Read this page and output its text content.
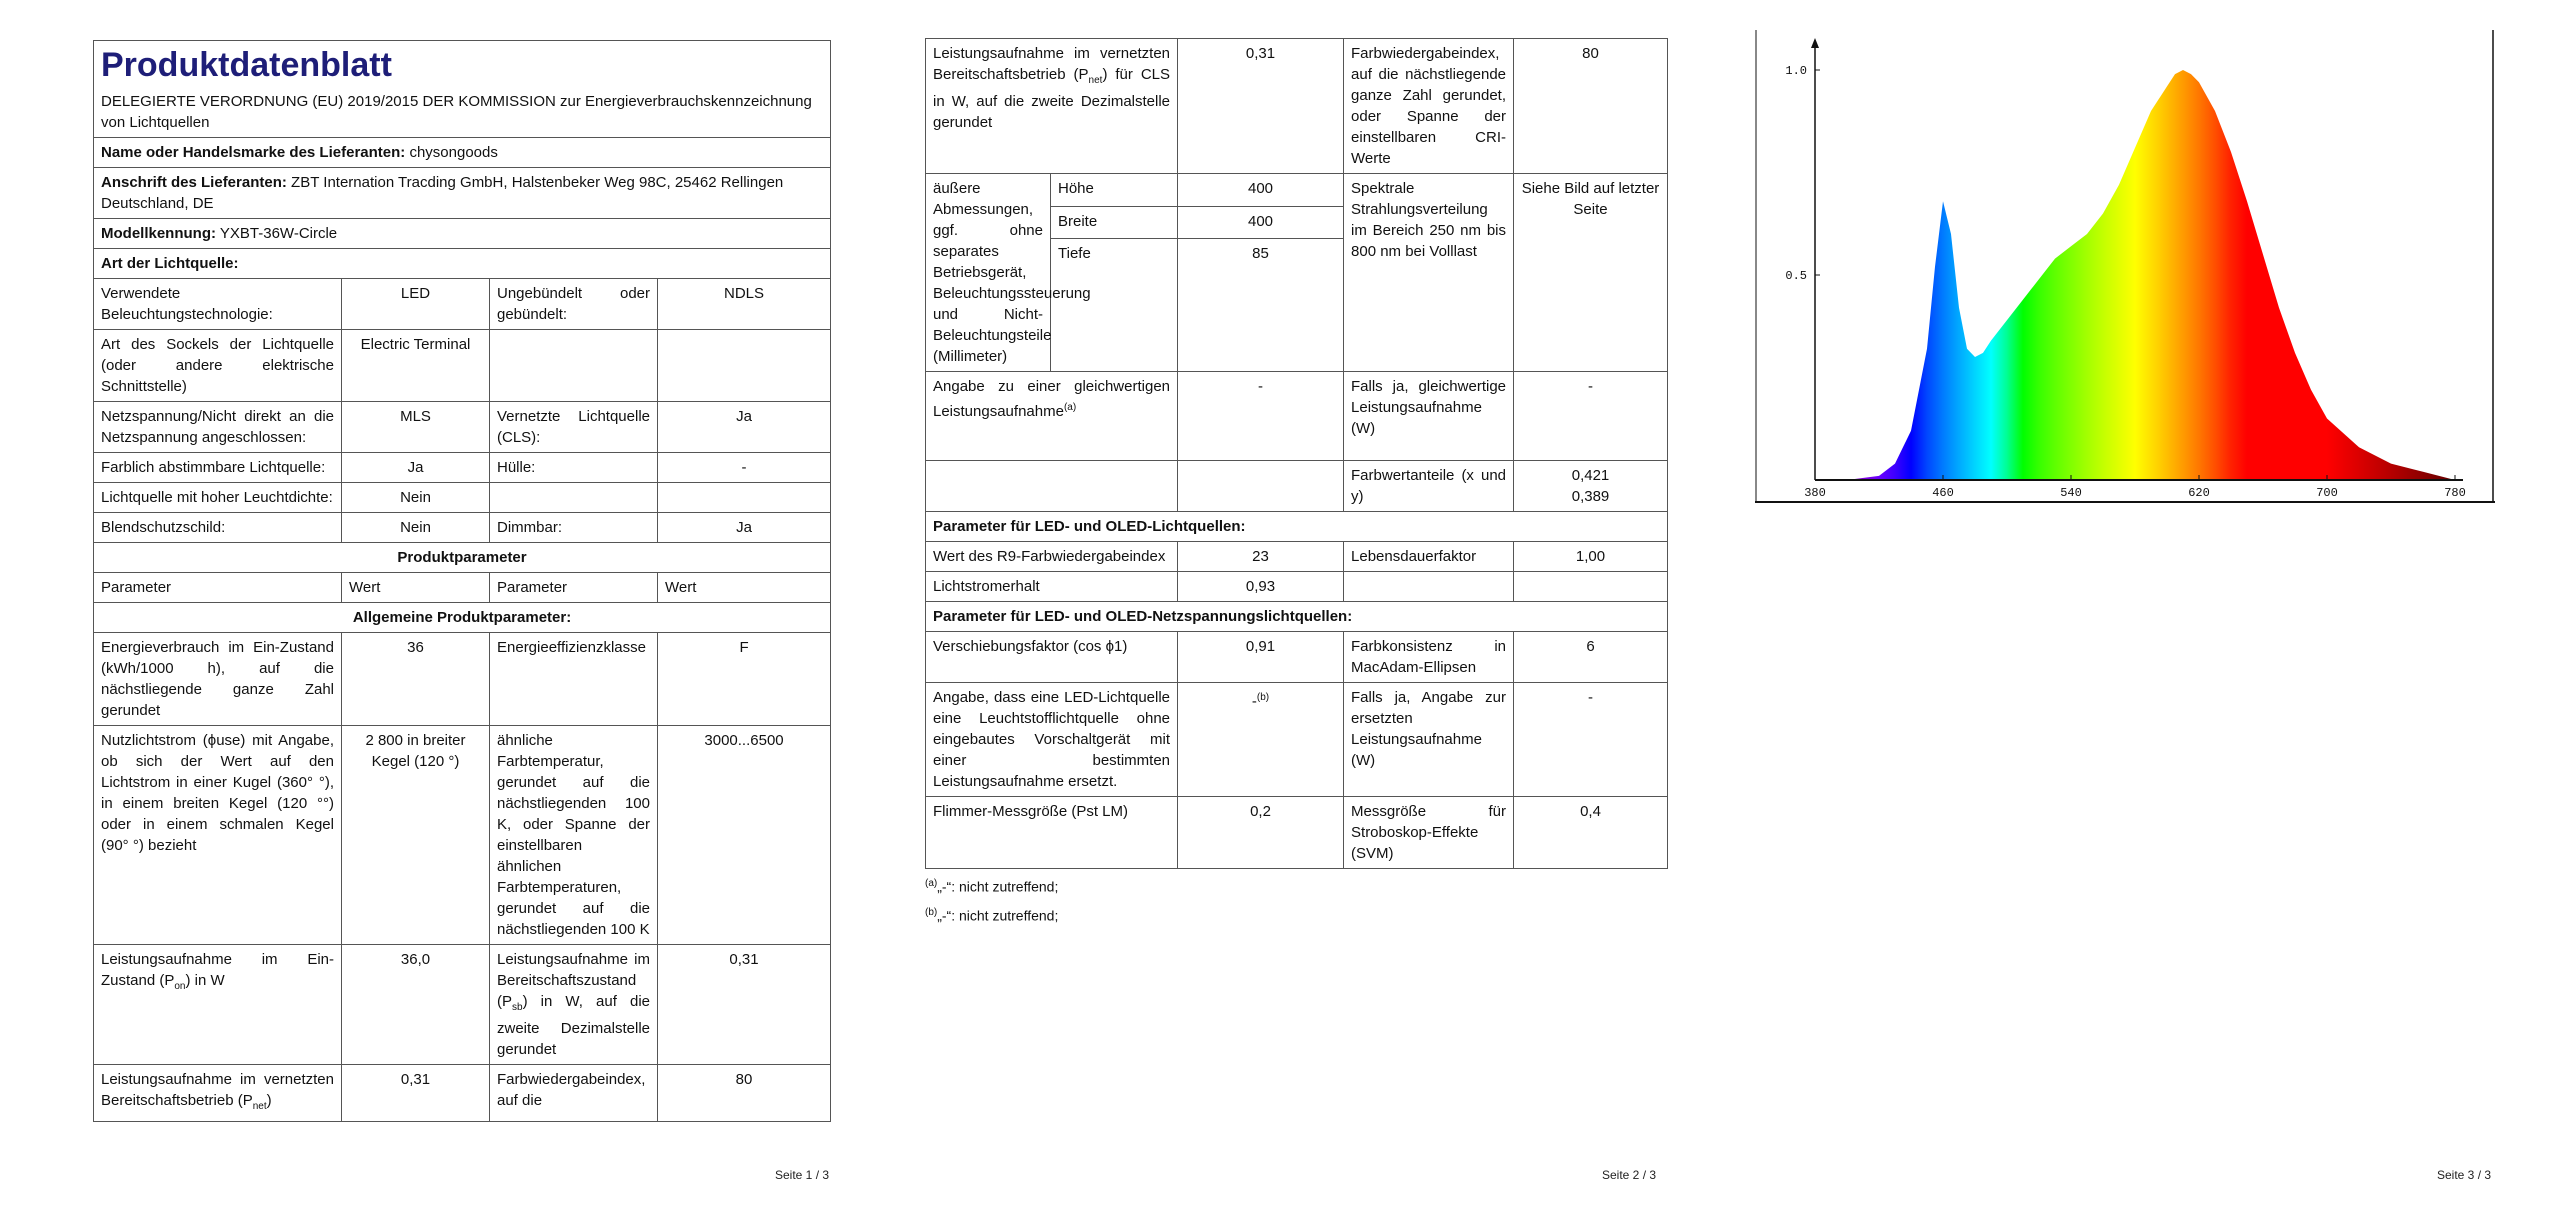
Produktdatenblatt
DELEGIERTE VERORDNUNG (EU) 2019/2015 DER KOMMISSION zur Energieverbrauchskennzeichnung von Lichtquellen			
Name oder Handelsmarke des Lieferanten: chysongoods			
Anschrift des Lieferanten: ZBT Internation Tracding GmbH, Halstenbeker Weg 98C, 25462 Rellingen Deutschland, DE			
Modellkennung: YXBT-36W-Circle			
Art der Lichtquelle:			
Verwendete Beleuchtungstechnologie:	LED	Ungebündelt oder gebündelt:	NDLS
Art des Sockels der Lichtquelle (oder andere elektrische Schnittstelle)	Electric Terminal		
Netzspannung/Nicht direkt an die Netzspannung angeschlossen:	MLS	Vernetzte Lichtquelle (CLS):	Ja
Farblich abstimmbare Lichtquelle:	Ja	Hülle:	-
Lichtquelle mit hoher Leuchtdichte:	Nein		
Blendschutzschild:	Nein	Dimmbar:	Ja
Produktparameter			
Parameter	Wert	Parameter	Wert
Allgemeine Produktparameter:			
Energieverbrauch im Ein-Zustand (kWh/1000 h), auf die nächstliegende ganze Zahl gerundet	36	Energieeffizienzklasse	F
Nutzlichtstrom (ϕuse) mit Angabe, ob sich der Wert auf den Lichtstrom in einer Kugel (360° °), in einem breiten Kegel (120 °°) oder in einem schmalen Kegel (90° °) bezieht	2 800 in breiter Kegel (120 °)	ähnliche Farbtemperatur, gerundet auf die nächstliegenden 100 K, oder Spanne der einstellbaren ähnlichen Farbtemperaturen, gerundet auf die nächstliegenden 100 K	3000...6500
Leistungsaufnahme im Ein-Zustand $(P_{on})$ in W	36,0	Leistungsaufnahme im Bereitschaftszustand $(P_{sb})$ in W, auf die zweite Dezimalstelle gerundet	0,31
Leistungsaufnahme im vernetzten Bereitschaftsbetrieb $(P_{net})$	0,31	Farbwiedergabeindex, auf die	80
Seite 1 / 3
Leistungsaufnahme im vernetzten Bereitschaftsbetrieb $(P_{net})$ für CLS in W, auf die zweite Dezimalstelle gerundet		0,31	Farbwiedergabeindex, auf die nächstliegende ganze Zahl gerundet, oder Spanne der einstellbaren CRI-Werte	80
äußere Abmessungen, ggf. ohne separates Betriebsgerät, Beleuchtungssteuerung und Nicht-Beleuchtungsteile (Millimeter)	Höhe	400	Spektrale Strahlungsverteilung im Bereich 250 nm bis 800 nm bei Volllast	Siehe Bild auf letzter Seite
	Breite	400		
	Tiefe	85		
Angabe zu einer gleichwertigen Leistungsaufnahme$^{(a)}$		-	Falls ja, gleichwertige Leistungsaufnahme (W)	-
			Farbwertanteile (x und y)	0,421
0,389

Parameter für LED- und OLED-Lichtquellen:				
Wert des R9-Farbwiedergabeindex		23	Lebensdauerfaktor	1,00
Lichtstromerhalt		0,93		
Parameter für LED- und OLED-Netzspannungslichtquellen:				
Verschiebungsfaktor (cos ϕ1)		0,91	Farbkonsistenz in MacAdam-Ellipsen	6
Angabe, dass eine LED-Lichtquelle eine Leuchtstofflichtquelle ohne eingebautes Vorschaltgerät mit einer bestimmten Leistungsaufnahme ersetzt.		-$^{(b)}$	Falls ja, Angabe zur ersetzten Leistungsaufnahme (W)	-
Flimmer-Messgröße (Pst LM)		0,2	Messgröße für Stroboskop-Effekte (SVM)	0,4
$^{(a)}$„-“: nicht zutreffend;
$^{(b)}$„-“: nicht zutreffend;
Seite 2 / 3
380	460	540	620	700	780
0.5
1.0
Seite 3 / 3
